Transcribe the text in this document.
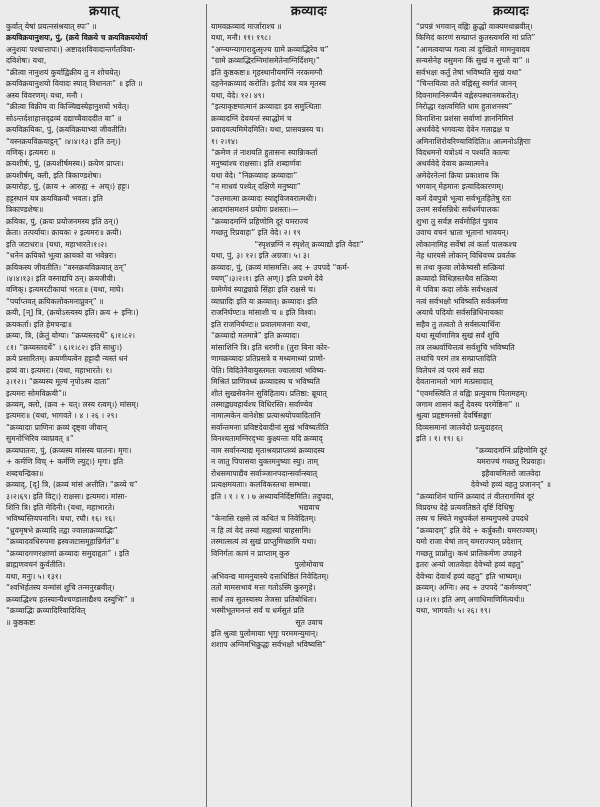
क्रयात्
कुर्वात् येषां प्रयत्नसंश्रयात् स्पः” ॥
क्रयविक्रयानुशयः, पुं, (क्रये विक्रये च क्रयविक्रययोर्वा
अनुशयः पश्चात्तापः।) अष्टादशविवादान्तर्गतविवा-
दविशेषः। यथा,
“क्रीत्वा नानुशयं कुर्याद्विक्रीय तु न शोचयेत्।
क्रयविक्रयानुशयो विवादः स्यात् विधानतः” ॥ इति ॥
अस्य विवरणम्। यथा, मनौ ।
“क्रीत्वा विक्रीय वा किञ्चिद्यस्येहानुशयो भवेत्।
सोऽन्तर्दशाहात्तद्द्रव्यं दद्याच्चैवाददीत वा” ॥
क्रयविक्रयिकः, पुं, (क्रयविक्रयाभ्यां जीवतीति।
“वस्नक्रयविक्रयाट्ठन्” ।४।४।१३। इति ठन्।)
वणिक्। इत्यमरः ॥
क्रयशीर्षः, पुं, (क्रयशीर्षमस्य।) क्रयेण प्राप्तः।
क्रयशीर्षम्, क्ली, इति त्रिकाण्डशेषः।
क्रयारोहः, पुं, (क्राय + आरुह्य + अच्।) हट्टः।
हट्टस्थानं यत्र क्रयविक्रयौ भवतः। इति
त्रिकाण्डशेषः॥
क्रयिकः, पुं, (क्रयः प्रयोजनमस्य इति ठन्।)
क्रेता। तत्पर्यायः। क्रायकः २ इत्यमरः॥ क्रयी।
इति जटाधरः॥ (यथा, महाभारते।१।२।
“धनेन क्रयिको भूत्वा क्रायको वा भवेन्नरः।
क्रयिकस्य जीवतीति। “वस्नक्रयविक्रयात् ठन्”
।४।४।१३। इति वस्नाद्यपि ठन्। क्रयजीवी।
वणिक्। इत्यमरटीकायां भरतः॥ (यथा, माघे।
“पर्याप्तवत् क्रयिकलोकमनाप्नुवन्” ॥
क्रयी, [न्] त्रि, (क्रयोऽस्त्यस्य इति। क्रय + इनिः।)
क्रयकर्ता। इति हेमचन्द्रः॥
क्रय्यः, त्रि, (क्रेतुं योग्यः। “क्रय्यस्तदर्थे” ६।१।८२।
८१। “क्रय्यस्तदर्थे” । ६।१।८२। इति साधुः।)
क्रये प्रसारितम्। क्रयणीयत्वेन हट्टादौ न्यस्तं धनं
द्रव्यं वा। इत्यमरः। (यथा, महाभारते। १।
३।१२।। “क्रय्यस्य मूल्यं नृपोऽस्य दाता”
इत्यमरः सोमविक्रयी”॥
क्रव्यम्, क्लो, (क्रव + यत्। लस्य रत्वम्।) मांसम्।
इत्यमरः॥ (यथा, भागवते । ४ । २६ । २९।
“क्रव्यादाः प्राणिनः क्रव्यं दृष्ट्वा जीवान्
सुमनोभिरिव व्याघ्रवत् ॥”
क्रव्यघातनः, पुं, (क्रव्यस्य मांसस्य घातनः। मृगः।
+ कर्मणि विच् + कर्मणि ल्युट्।) मृगः। इति
शब्दचन्द्रिका॥
क्रव्याद्, [द्] त्रि, (क्रव्यं मांसं अत्तीति। “क्रव्ये च”
३।२।६९। इति विट्।) राक्षसः। इत्यमरः। मांसा-
शिनि त्रि। इति मेदिनी। (यथा, महाभारते।
भविष्यस्तियपनानि। यथा, रघौ। १६। १६।
“ध्रुवमृषभे क्रव्यादि तद्वा ज्वालाक्रव्याद्भिः”
“क्रव्यादवधिरुपमा ह्रस्वजटासमूहान्निर्गतं”॥
“क्रव्यादगणरक्षाणां क्रव्यादः समुदाहृतः” । इति
ब्राह्मणवचनं कुर्वतीति।
यथा, मनुः। ५। १३१।
“श्वभिर्हतस्य यन्मांसं शुचि तन्मनुरब्रवीत्।
क्रव्याद्भिश्च हतस्यान्यैश्चण्डालाद्यैश्च दस्युभिः” ॥
“क्रव्याद्भिः क्रव्यादिरिवादिवित्
॥ कुष्ठकष्टः
क्रव्यादः
यामवक्रव्यादं मार्जाराश्च ॥
यथा, मनौ। ११। १९८।
“अग्न्यग्न्यागारादुत्सृज्य ग्रामे क्रव्याद्भिरेव च”
“ग्रामे क्रव्याद्भिरग्निमांसमेतेनाग्निर्दिशम्।”
इति कुष्ठकष्टः॥ गृहस्थानीयमग्निं नरकमग्नौ
दहनेनक्रव्यादं करोति। इतीदं यत्र यत्र मृतस्य
यथा, वेदे। १२। ४९।
“इत्याकृष्टमात्मानं क्रव्यादाः इव समुत्थिताः
क्रव्यादग्निं देवयन्तं स्याद्धोमं च
प्रवादयत्यमिमेदमिति। यथा, प्रासयन्नस्य च।
१। २।१४।
“क्रमेण तं नाशयति हुतासनः स्यान्निःकर्ता
मनुष्यांश्च राक्षसाः। इति शब्दार्णवः
यथा वेदे। “निक्रव्यादः क्रव्यादाः”
“न माधवं पश्येत् दक्षिणे मनुष्याः”
“उत्तमात्मा क्रव्यादः स्याद्द्विजवरात्मधीः।
आदमांसमशनं प्रयोगः प्रशस्तः।—
“क्रव्यादमग्निं प्रहिणोमि दूरं यमराज्यं
गच्छतु रिप्रवाहः” इति वेदे। २। १९
“स्पृशन्नग्निं न स्पृशेत् क्रव्याद्यो इति वेदाः”
यथा, पुं, ३। १२। इति अग्रजः। ५। ३।
क्रव्यादः, पुं, (क्रव्यं मांसमत्ति। अद + उपपदे “कर्म-
ण्यण्”।३।२।१। इति अण्।) इति प्रथमे देवे
ग्रामेणेवं स्याद्व्याघ्रे सिंहाः इति राक्षसे च।
व्याघ्रादिः इति यः क्रव्यात्। क्रव्यादः। इति
राजनिर्घण्टः॥ मांसाशी च ॥ इति विश्वः।
इति राजनिर्घण्टः॥ प्रवालमजनाः यथा,
“क्रव्यादो मतमात्रे” इति क्रव्यादः।
मांसाशिनि त्रि। इति धरणी॥ (तुरा बिना कोर-
णामक्रव्यादः प्रतिप्रसत्रे व मध्यमाध्यां प्राणो-
पेति। विदितेनैवायुस्तमतः ज्वालायां भविष्य-
मिश्रितं प्राणिवध्यं क्रव्यादस्य च भविष्यति
शीतं सुखसेवनेन सुविहिताय। प्रतिष्ठा: ब्रूयात्
तस्माद्व्यवहार्यश्च विधिरस्ति। सर्वाण्येव
नामात्मकेन वानेशेष्ठः प्रत्याश्रयोपवादितानि
सर्वान्तमनाः प्रविष्टदेवादीनां सुखं भविष्यतीति
विनश्यतामग्निरद्भ्यः कुक्ष्यन्तः यदि क्रव्याद्
नाम सर्वानन्याद्य मृताश्रयप्राप्तव्यं क्रव्यादस्य
न जातु पिपासया युक्तमनुष्याः स्युः। ताम्
रोधसमापाद्यैव सर्वाञ्जानपदान्सर्वान्स्यात्
प्रत्यक्षमयताः। कलविकस्तथा सम्भवा।
इति । १ । १ । ७ अध्यायनिर्दिष्टमिति। तदुपदा,
भद्यवाच
“केनासि रक्षसे त्वं कथितं च निवेदितम्।
न हि त्वं वेदं तस्यां मह्यस्यां चाहसामि।
तस्मात्सत्यं त्वं सुखं प्राप्तुमिच्छामि यथा।
विनिर्गतः कामं न प्राप्ताम् कुरु
पुलोमोवाच
अभिवन्द्य मामनुयास्ये दत्ताधिष्ठितं निवेदितम्।
ततो मामसभावं मत्तः गतोऽस्मि कुरुगृहे।
सार्धं तव सुतस्यास्य तेजसा प्रतिबोधितः।
भस्मीभूतमनन्तं सर्वं च धर्मसुतं प्रति
सूत उवाच
इति श्रुत्वा पुलोमायाः भृगुः परममन्युमान्।
शशाप अग्निमभिक्रुद्धः सर्वभक्षो भविष्यसि”
क्रव्यादः
“प्रपन्नं भगवान् वह्निः क्रुद्धो वाक्यमथाब्रवीत्।
किमिदं कारणं सम्प्राप्तं कुतस्त्वमसि मां प्रति”
“आमत्वयाप्य गत्वा त्वं दुःखितो मामनुवादय
सन्यसेनेह वसुमनः किं सुखं न सुप्तो वा” ॥
सर्वभक्षः कर्तुं तेषां भविष्यति सुखं यथा”
“चिन्तयित्वा तते वह्निस्तु स्वर्गतं जानन्
दिवनामानिरूप्यैनं वह्नेरुपस्थानमकरोत्।
निरोद्धा रक्षत्वमिति धाम हुताशनस्य”
विनाशिना प्रशंसा सर्वाणां ज्ञाननिमित्तं
अथर्ववेदे भगवत्या देवेन गलाद्रक्ष च
अमिनाशिरोवरिण्याविदितिः॥ आत्मनोऽङ्गिराः
विदधमनो यत्रोऽयं न पश्यति काल्यः
अथर्ववेदे देवाय क्रव्यात्मने॥
अमेदेरनेत्नां क्रिया प्रकाशाय कि
भगवान् मेहमानः इत्यादिकारणम्।
कर्म देवपुत्रो भूत्वा सर्वभूतहितेषु रतः
उत्तमं सर्वसन्निधेः सर्वधर्मपालकः
शुभा तु सर्वज्ञ सर्वमोहितं पुत्राय
उवाच वचनं भ्राता भूतानां भावयन्।
लोकानामिह सर्वेषां त्वं कर्ता पालकश्च
नेह धारयसे लोकान् विधिवच्च प्रवर्तक
स तथा कृत्वा लोकेष्वसौ सत्क्रियां
क्रव्यादो विधिज्ञस्तथैव सत्क्रिया
मे पवित्रः कदा लोके सर्वभक्षत्वं
नत्वं सर्वभक्षो भविष्यति सर्वकर्मणा
अयाचे पदियोः सर्वसन्निधिनायकाः
सहैव तु तत्वतो ते सर्वसत्यार्थिनः
यथा सूर्याणामित्र सुखं सर्वं शुचि
तत्र लब्धर्वाचित्तत्वं सर्वशुचि भविष्यति
तथाचि परमं तत्र सम्प्राप्तादिति
विलेपनं त्वं परमं सर्वं सदा
देवतानामतो भागं मत्प्रसादात्
“एवमस्त्विति तं वह्निः प्रत्युवाच पितामहम्।
जगाम शासनं कर्तुं देवस्य परमेष्ठिनः” ॥
श्रुत्वा प्रहृष्टमनसो देवर्षिसङ्घाः
दिव्यसमानां जातवेदो प्रत्युदाहरत्
इति । १। १९। ६।
“क्रव्यादमग्निं प्रहिणोमि दूरं
यमराज्यं गच्छतु रिप्रवाहः।
इहैवायमितरो जातवेदा
देवेभ्यो हव्यं वहतु प्रजानन्” ॥
“क्रव्याशिनं चाग्निं क्रव्यादं तं वीतरागमिवं दूरं
विप्रदग्ध देहे प्रत्यवतिष्ठते दृष्टिं दिधिषुः
तस्य च स्थिते मधुपर्कलं सम्यगुपस्थे उपदधे
“क्रव्यादम्” इति वेदे + कर्त्रुक्तौ। यमराज्यम्।
यमो राजा येषां तान् यमराज्यान् प्रदेशान्
गच्छतु प्राप्नोतु। कथं प्रातिकर्मणः उपाहने
इतरः अन्यो जातवेदाः देवेभ्यो हव्यं वहतु”
देवेभ्यः देवार्थं हव्यं वहतु” इति भाष्यम्॥
क्रव्यम्। अग्निः। अद + उपपदे “कर्मण्यण्”
।३।२।१। इति अण् अगाधिमाणिमित्यर्थः॥
यथा, भागवते। ५। २६। १९।
